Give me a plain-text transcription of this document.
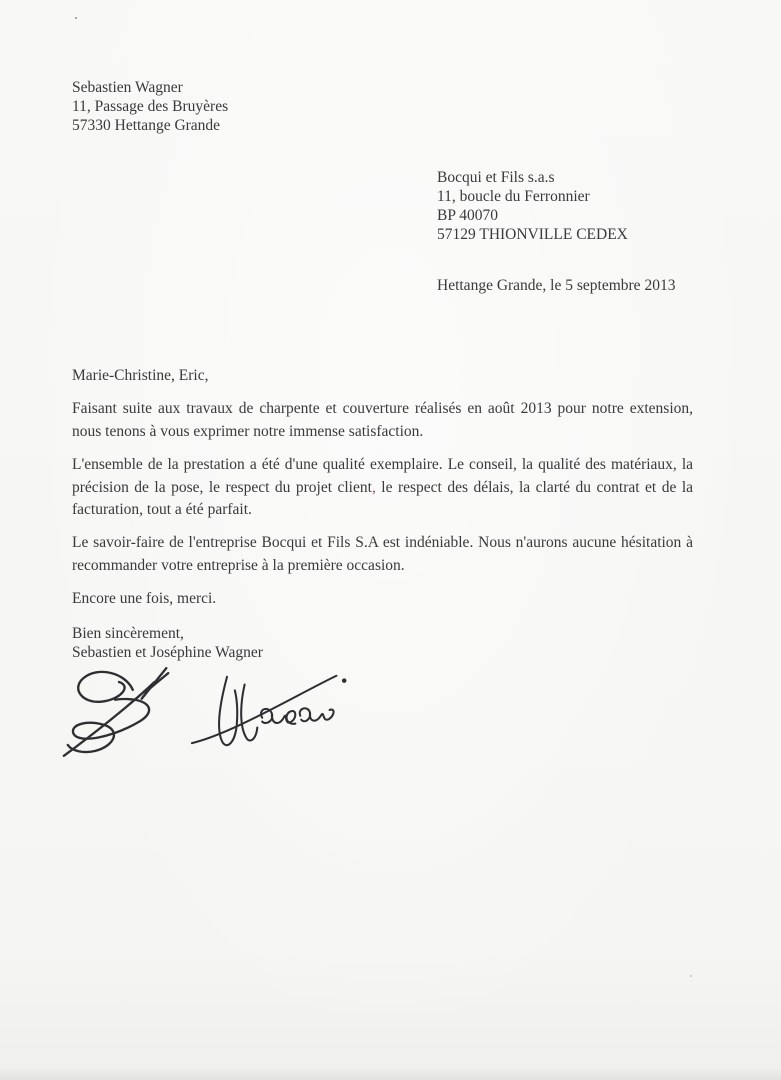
Sebastien Wagner
11, Passage des Bruyères
57330 Hettange Grande
Bocqui et Fils s.a.s
11, boucle du Ferronnier
BP 40070
57129 THIONVILLE CEDEX
Hettange Grande, le 5 septembre 2013

Marie-Christine, Eric,

Faisant suite aux travaux de charpente et couverture réalisés en août 2013 pour notre extension, nous tenons à vous exprimer notre immense satisfaction.

L'ensemble de la prestation a été d'une qualité exemplaire. Le conseil, la qualité des matériaux, la précision de la pose, le respect du projet client, le respect des délais, la clarté du contrat et de la facturation, tout a été parfait.

Le savoir-faire de l'entreprise Bocqui et Fils S.A est indéniable. Nous n'aurons aucune hésitation à recommander votre entreprise à la première occasion.

Encore une fois, merci.

Bien sincèrement,
Sebastien et Joséphine Wagner
